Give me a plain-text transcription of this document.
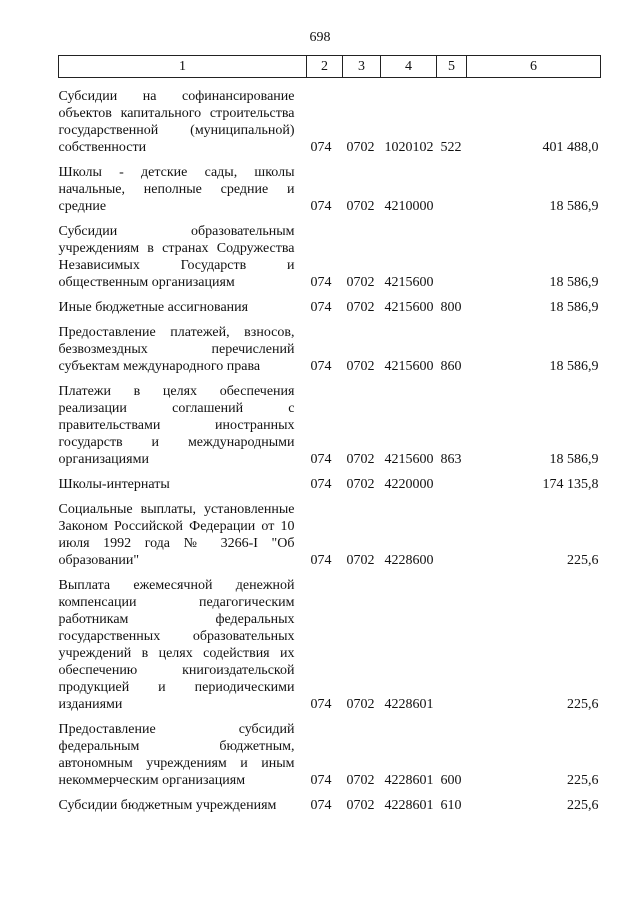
698
1	2	3	4	5	6
Субсидии на софинансирование объектов капитального строительства государственной (муниципальной) собственности	074	0702	1020102	522	401 488,0
Школы - детские сады, школы начальные, неполные средние и средние	074	0702	4210000		18 586,9
Субсидии образовательным учреждениям в странах Содружества Независимых Государств и общественным организациям	074	0702	4215600		18 586,9
Иные бюджетные ассигнования	074	0702	4215600	800	18 586,9
Предоставление платежей, взносов, безвозмездных перечислений субъектам международного права	074	0702	4215600	860	18 586,9
Платежи в целях обеспечения реализации соглашений с правительствами иностранных государств и международными организациями	074	0702	4215600	863	18 586,9
Школы-интернаты	074	0702	4220000		174 135,8
Социальные выплаты, установленные Законом Российской Федерации от 10 июля 1992 года № 3266-I "Об образовании"	074	0702	4228600		225,6
Выплата ежемесячной денежной компенсации педагогическим работникам федеральных государственных образовательных учреждений в целях содействия их обеспечению книгоиздательской продукцией и периодическими изданиями	074	0702	4228601		225,6
Предоставление субсидий федеральным бюджетным, автономным учреждениям и иным некоммерческим организациям	074	0702	4228601	600	225,6
Субсидии бюджетным учреждениям	074	0702	4228601	610	225,6
